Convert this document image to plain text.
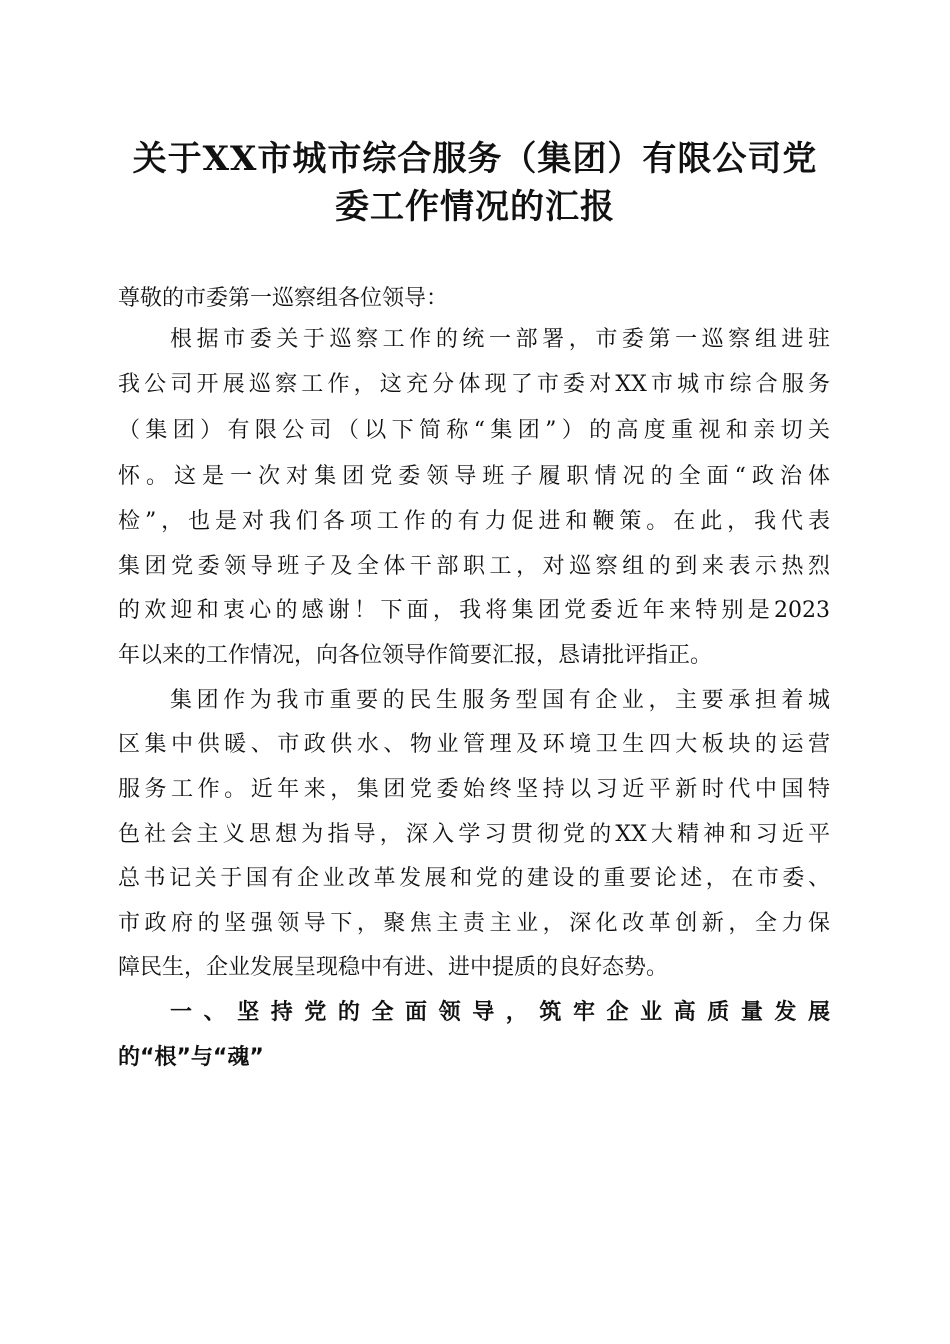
关于XX市城市综合服务（集团）有限公司党
委工作情况的汇报
尊敬的市委第一巡察组各位领导：
根据市委关于巡察工作的统一部署，市委第一巡察组进驻
我公司开展巡察工作，这充分体现了市委对XX市城市综合服务
（集团）有限公司（以下简称“集团”）的高度重视和亲切关
怀。这是一次对集团党委领导班子履职情况的全面“政治体
检”，也是对我们各项工作的有力促进和鞭策。在此，我代表
集团党委领导班子及全体干部职工，对巡察组的到来表示热烈
的欢迎和衷心的感谢！下面，我将集团党委近年来特别是2023
年以来的工作情况，向各位领导作简要汇报，恳请批评指正。
集团作为我市重要的民生服务型国有企业，主要承担着城
区集中供暖、市政供水、物业管理及环境卫生四大板块的运营
服务工作。近年来，集团党委始终坚持以习近平新时代中国特
色社会主义思想为指导，深入学习贯彻党的XX大精神和习近平
总书记关于国有企业改革发展和党的建设的重要论述，在市委、
市政府的坚强领导下，聚焦主责主业，深化改革创新，全力保
障民生，企业发展呈现稳中有进、进中提质的良好态势。
一、坚持党的全面领导，筑牢企业高质量发展
的“根”与“魂”
